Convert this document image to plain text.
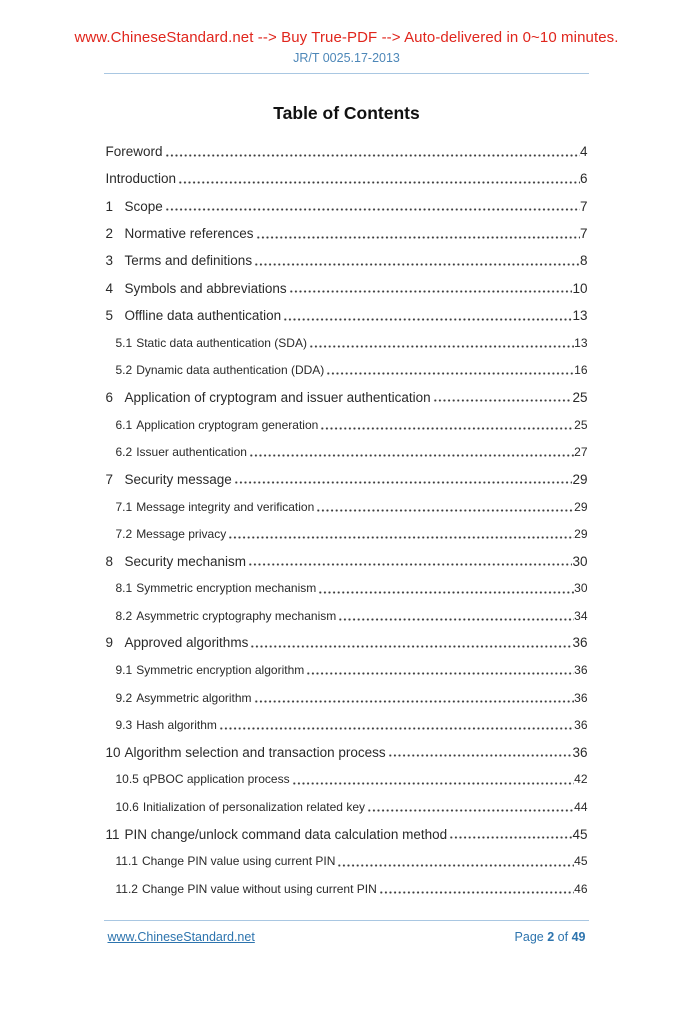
www.ChineseStandard.net --> Buy True-PDF --> Auto-delivered in 0~10 minutes.
JR/T 0025.17-2013
Table of Contents
Foreword	4
Introduction	6
1 Scope	7
2 Normative references	7
3 Terms and definitions	8
4 Symbols and abbreviations	10
5 Offline data authentication	13
5.1 Static data authentication (SDA)	13
5.2 Dynamic data authentication (DDA)	16
6 Application of cryptogram and issuer authentication	25
6.1 Application cryptogram generation	25
6.2 Issuer authentication	27
7 Security message	29
7.1 Message integrity and verification	29
7.2 Message privacy	29
8 Security mechanism	30
8.1 Symmetric encryption mechanism	30
8.2 Asymmetric cryptography mechanism	34
9 Approved algorithms	36
9.1 Symmetric encryption algorithm	36
9.2 Asymmetric algorithm	36
9.3 Hash algorithm	36
10 Algorithm selection and transaction process	36
10.5 qPBOC application process	42
10.6 Initialization of personalization related key	44
11 PIN change/unlock command data calculation method	45
11.1 Change PIN value using current PIN	45
11.2 Change PIN value without using current PIN	46
www.ChineseStandard.net	Page 2 of 49
